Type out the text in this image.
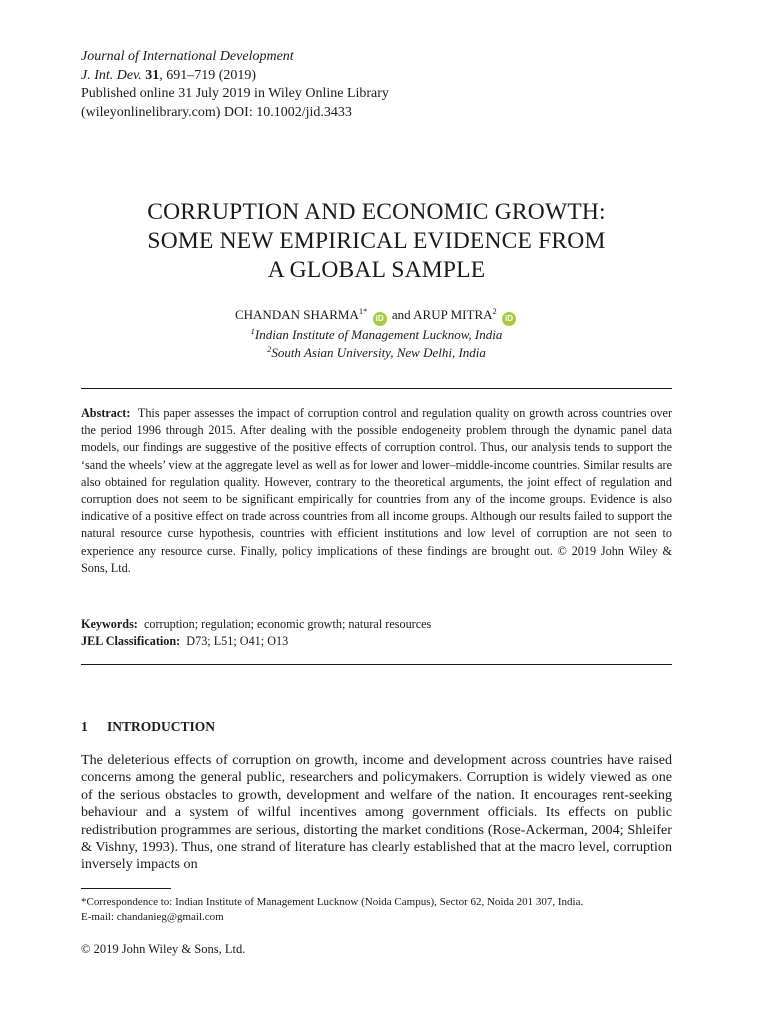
Journal of International Development
J. Int. Dev. 31, 691–719 (2019)
Published online 31 July 2019 in Wiley Online Library
(wileyonlinelibrary.com) DOI: 10.1002/jid.3433
CORRUPTION AND ECONOMIC GROWTH:
SOME NEW EMPIRICAL EVIDENCE FROM
A GLOBAL SAMPLE
CHANDAN $SHARMA^{1*}$ iD and ARUP MITRA$^2$ iD
$^1$Indian Institute of Management Lucknow, India
$^2$South Asian University, New Delhi, India
Abstract: This paper assesses the impact of corruption control and regulation quality on growth across countries over the period 1996 through 2015. After dealing with the possible endogeneity problem through the dynamic panel data models, our findings are suggestive of the positive effects of corruption control. Thus, our analysis tends to support the ‘sand the wheels’ view at the aggregate level as well as for lower and lower–middle-income countries. Similar results are also obtained for regulation quality. However, contrary to the theoretical arguments, the joint effect of regulation and corruption does not seem to be significant empirically for countries from any of the income groups. Evidence is also indicative of a positive effect on trade across countries from all income groups. Although our results failed to support the natural resource curse hypothesis, countries with efficient institutions and low level of corruption are not seen to experience any resource curse. Finally, policy implications of these findings are brought out. © 2019 John Wiley & Sons, Ltd.
Keywords: corruption; regulation; economic growth; natural resources
JEL Classification: D73; L51; O41; O13
1 INTRODUCTION
The deleterious effects of corruption on growth, income and development across countries have raised concerns among the general public, researchers and policymakers. Corruption is widely viewed as one of the serious obstacles to growth, development and welfare of the nation. It encourages rent-seeking behaviour and a system of wilful incentives among government officials. Its effects on public redistribution programmes are serious, distorting the market conditions (Rose-Ackerman, 2004; Shleifer & Vishny, 1993). Thus, one strand of literature has clearly established that at the macro level, corruption inversely impacts on
*Correspondence to: Indian Institute of Management Lucknow (Noida Campus), Sector 62, Noida 201 307, India.
E-mail: chandanieg@gmail.com
© 2019 John Wiley & Sons, Ltd.
